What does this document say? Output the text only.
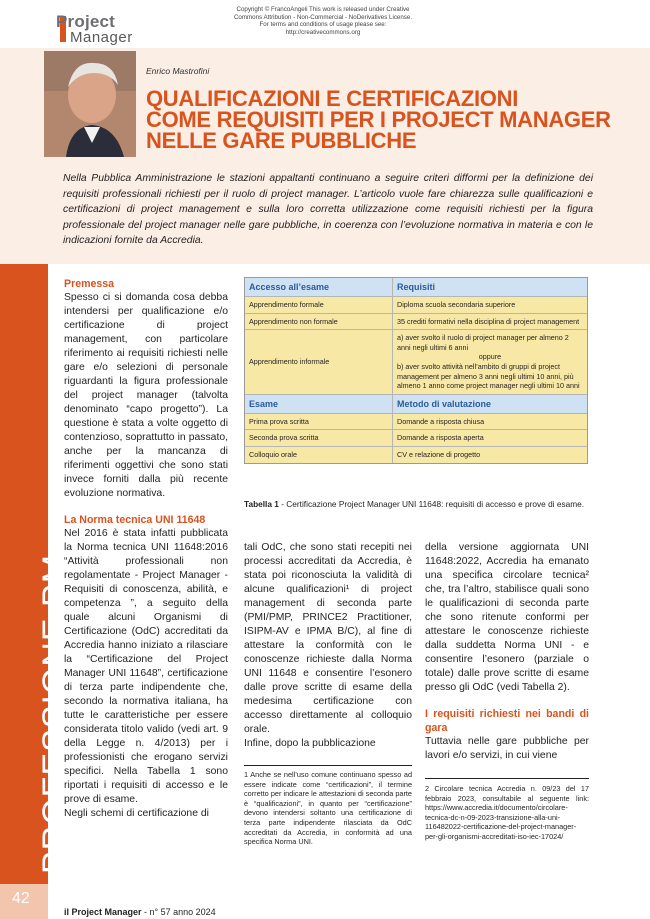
Project
Manager
Copyright © FrancoAngeli This work is released under Creative
Commons Attribution - Non-Commercial - NoDerivatives License.
For terms and conditions of usage please see:
http://creativecommons.org
Enrico Mastrofini
QUALIFICAZIONI E CERTIFICAZIONI
COME REQUISITI PER I PROJECT MANAGER
NELLE GARE PUBBLICHE
Nella Pubblica Amministrazione le stazioni appaltanti continuano a seguire criteri difformi per la definizione dei requisiti professionali richiesti per il ruolo di project manager. L’articolo vuole fare chiarezza sulle qualificazioni e certificazioni di project management e sulla loro corretta utilizzazione come requisiti richiesti per la figura professionale del project manager nelle gare pubbliche, in coerenza con l’evoluzione normativa in materia e con le indicazioni fornite da Accredia.
PROFESSIONE PM
42
Premessa

Spesso ci si domanda cosa debba intendersi per qualificazione e/o certificazione di project management, con particolare riferimento ai requisiti richiesti nelle gare e/o selezioni di personale riguardanti la figura professionale del project manager (talvolta denominato “capo progetto”). La questione è stata a volte oggetto di contenzioso, soprattutto in passato, anche per la mancanza di riferimenti oggettivi che sono stati invece forniti dalla più recente evoluzione normativa.

La Norma tecnica UNI 11648

Nel 2016 è stata infatti pubblicata la Norma tecnica UNI 11648:2016 “Attività professionali non regolamentate - Project Manager - Requisiti di conoscenza, abilità, e competenza ”, a seguito della quale alcuni Organismi di Certificazione (OdC) accreditati da Accredia hanno iniziato a rilasciare la “Certificazione del Project Manager UNI 11648”, certificazione di terza parte indipendente che, secondo la normativa italiana, ha tutte le caratteristiche per essere considerata titolo valido (vedi art. 9 della Legge n. 4/2013) per i professionisti che erogano servizi specifici. Nella Tabella 1 sono riportati i requisiti di accesso e le prove di esame.

Negli schemi di certificazione di

Accesso all’esame	Requisiti
Apprendimento formale	Diploma scuola secondaria superiore
Apprendimento non formale	35 crediti formativi nella disciplina di project management
Apprendimento informale
a) aver svolto il ruolo di project manager per almeno 2 anni negli ultimi 6 anni
oppure
b) aver svolto attività nell’ambito di gruppi di project management per almeno 3 anni negli ultimi 10 anni, più almeno 1 anno come project manager negli ultimi 10 anni
Esame	Metodo di valutazione
Prima prova scritta	Domande a risposta chiusa
Seconda prova scritta	Domande a risposta aperta
Colloquio orale	CV e relazione di progetto
Tabella 1 - Certificazione Project Manager UNI 11648: requisiti di accesso e prove di esame.

tali OdC, che sono stati recepiti nei processi accreditati da Accredia, è stata poi riconosciuta la validità di alcune qualificazioni¹ di project management di seconda parte (PMI/PMP, PRINCE2 Practitioner, ISIPM-AV e IPMA B/C), al fine di attestare la conformità con le conoscenze richieste dalla Norma UNI 11648 e consentire l’esonero dalle prove scritte di esame della medesima certificazione con accesso direttamente al colloquio orale.

Infine, dopo la pubblicazione

1 Anche se nell’uso comune continuano spesso ad essere indicate come “certificazioni”, il termine corretto per indicare le attestazioni di seconda parte è “qualificazioni”, in quanto per “certificazione” devono intendersi soltanto una certificazione di terza parte indipendente rilasciata da OdC accreditati da Accredia, in conformità ad una specifica Norma UNI.

della versione aggiornata UNI 11648:2022, Accredia ha emanato una specifica circolare tecnica² che, tra l’altro, stabilisce quali sono le qualificazioni di seconda parte che sono ritenute conformi per attestare le conoscenze richieste dalla suddetta Norma UNI - e consentire l’esonero (parziale o totale) dalle prove scritte di esame presso gli OdC (vedi Tabella 2).

I requisiti richiesti nei bandi di gara

Tuttavia nelle gare pubbliche per lavori e/o servizi, in cui viene

2 Circolare tecnica Accredia n. 09/23 del 17 febbraio 2023, consultabile al seguente link: https://www.accredia.it/documento/circolare-tecnica-dc-n-09-2023-transizione-alla-uni-116482022-certificazione-del-project-manager-per-gli-organismi-accreditati-iso-iec-17024/
il Project Manager - n° 57 anno 2024
